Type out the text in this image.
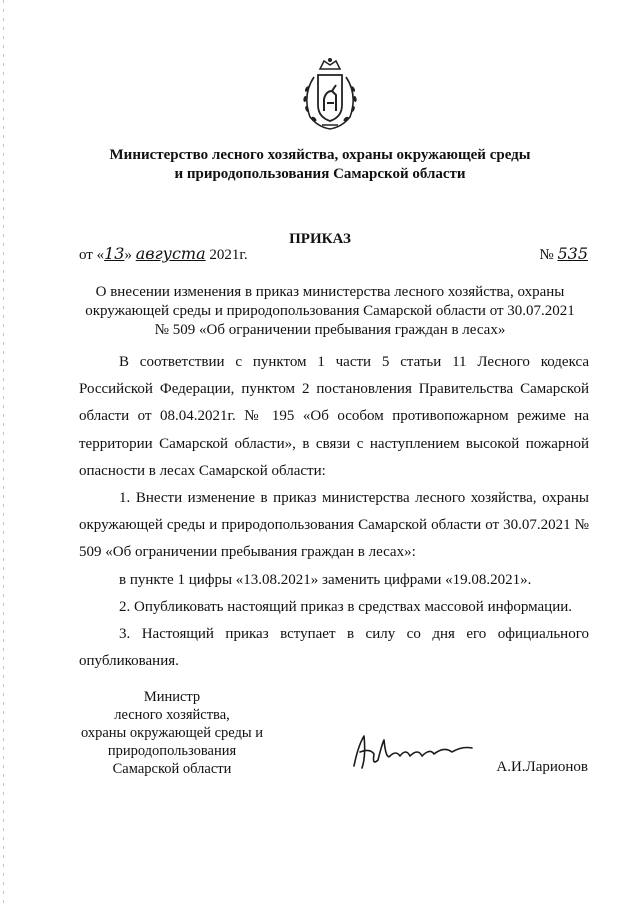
Министерство лесного хозяйства, охраны окружающей среды
и природопользования Самарской области
ПРИКАЗ
от «13» августа 2021г.	№ 535
О внесении изменения в приказ министерства лесного хозяйства, охраны
окружающей среды и природопользования Самарской области от 30.07.2021
№ 509 «Об ограничении пребывания граждан в лесах»

В соответствии с пунктом 1 части 5 статьи 11 Лесного кодекса Российской Федерации, пунктом 2 постановления Правительства Самарской области от 08.04.2021г. № 195 «Об особом противопожарном режиме на территории Самарской области», в связи с наступлением высокой пожарной опасности в лесах Самарской области:

1. Внести изменение в приказ министерства лесного хозяйства, охраны окружающей среды и природопользования Самарской области от 30.07.2021 № 509 «Об ограничении пребывания граждан в лесах»:

в пункте 1 цифры «13.08.2021» заменить цифрами «19.08.2021».

2. Опубликовать настоящий приказ в средствах массовой информации.

3. Настоящий приказ вступает в силу со дня его официального опубликования.

Министр
лесного хозяйства,
охраны окружающей среды и
природопользования
Самарской области	А.И.Ларионов
